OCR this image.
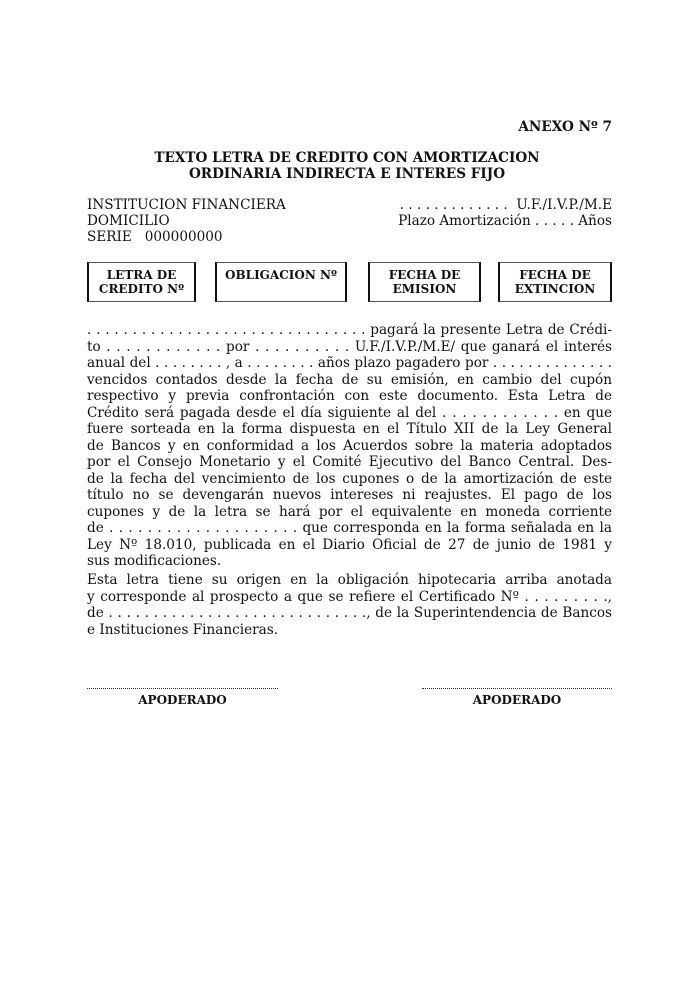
ANEXO Nº 7
TEXTO LETRA DE CREDITO CON AMORTIZACION
ORDINARIA INDIRECTA E INTERES FIJO
INSTITUCION FINANCIERA
DOMICILIO
SERIE   000000000
. . . . . . . . . . . . .  U.F./I.V.P./M.E
Plazo Amortización . . . . . Años
LETRA DE
CREDITO Nº
OBLIGACION Nº	FECHA DE
EMISION
FECHA DE
EXTINCION
. . . . . . . . . . . . . . . . . . . . . . . . . . . . . . . pagará la presente Letra de Crédi-
to . . . . . . . . . . . . por . . . . . . . . . . U.F./I.V.P./M.E/ que ganará el interés
anual del . . . . . . . . , a . . . . . . . . años plazo pagadero por . . . . . . . . . . . . . .
vencidos contados desde la fecha de su emisión, en cambio del cupón
respectivo y previa confrontación con este documento. Esta Letra de
Crédito será pagada desde el día siguiente al del . . . . . . . . . . . . en que
fuere sorteada en la forma dispuesta en el Título XII de la Ley General
de Bancos y en conformidad a los Acuerdos sobre la materia adoptados
por el Consejo Monetario y el Comité Ejecutivo del Banco Central. Des-
de la fecha del vencimiento de los cupones o de la amortización de este
título no se devengarán nuevos intereses ni reajustes. El pago de los
cupones y de la letra se hará por el equivalente en moneda corriente
de . . . . . . . . . . . . . . . . . . . . que corresponda en la forma señalada en la
Ley Nº 18.010, publicada en el Diario Oficial de 27 de junio de 1981 y
sus modificaciones.
Esta letra tiene su origen en la obligación hipotecaria arriba anotada
y corresponde al prospecto a que se refiere el Certificado Nº . . . . . . . . .,
de . . . . . . . . . . . . . . . . . . . . . . . . . . . . ., de la Superintendencia de Bancos
e Instituciones Financieras.
APODERADO	APODERADO
